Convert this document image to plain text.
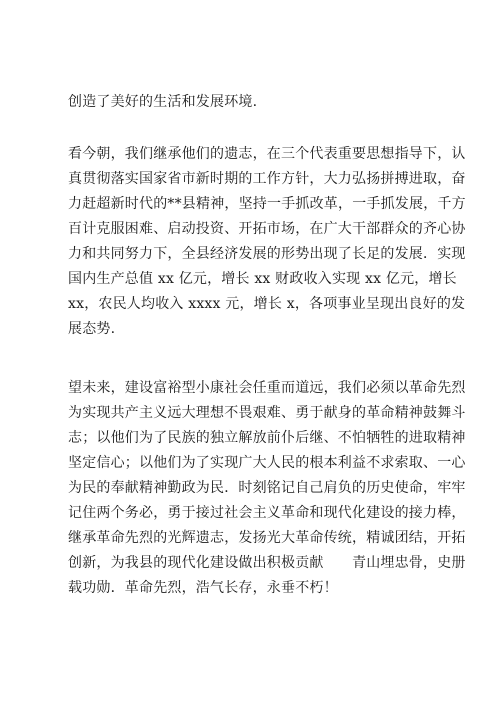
创造了美好的生活和发展环境.

看今朝，我们继承他们的遗志，在三个代表重要思想指导下，认
真贯彻落实国家省市新时期的工作方针，大力弘扬拼搏进取，奋
力赶超新时代的**县精神，坚持一手抓改革，一手抓发展，千方
百计克服困难、启动投资、开拓市场，在广大干部群众的齐心协
力和共同努力下，全县经济发展的形势出现了长足的发展．实现
国内生产总值 xx 亿元，增长 xx 财政收入实现 xx 亿元，增长
xx，农民人均收入 xxxx 元，增长 x，各项事业呈现出良好的发
展态势.

望未来，建设富裕型小康社会任重而道远，我们必须以革命先烈
为实现共产主义远大理想不畏艰难、勇于献身的革命精神鼓舞斗
志；以他们为了民族的独立解放前仆后继、不怕牺牲的进取精神
坚定信心；以他们为了实现广大人民的根本利益不求索取、一心
为民的奉献精神勤政为民．时刻铭记自己肩负的历史使命，牢牢
记住两个务必，勇于接过社会主义革命和现代化建设的接力棒，
继承革命先烈的光辉遗志，发扬光大革命传统，精诚团结，开拓
创新，为我县的现代化建设做出积极贡献　　青山埋忠骨，史册
载功勋．革命先烈，浩气长存，永垂不朽！
